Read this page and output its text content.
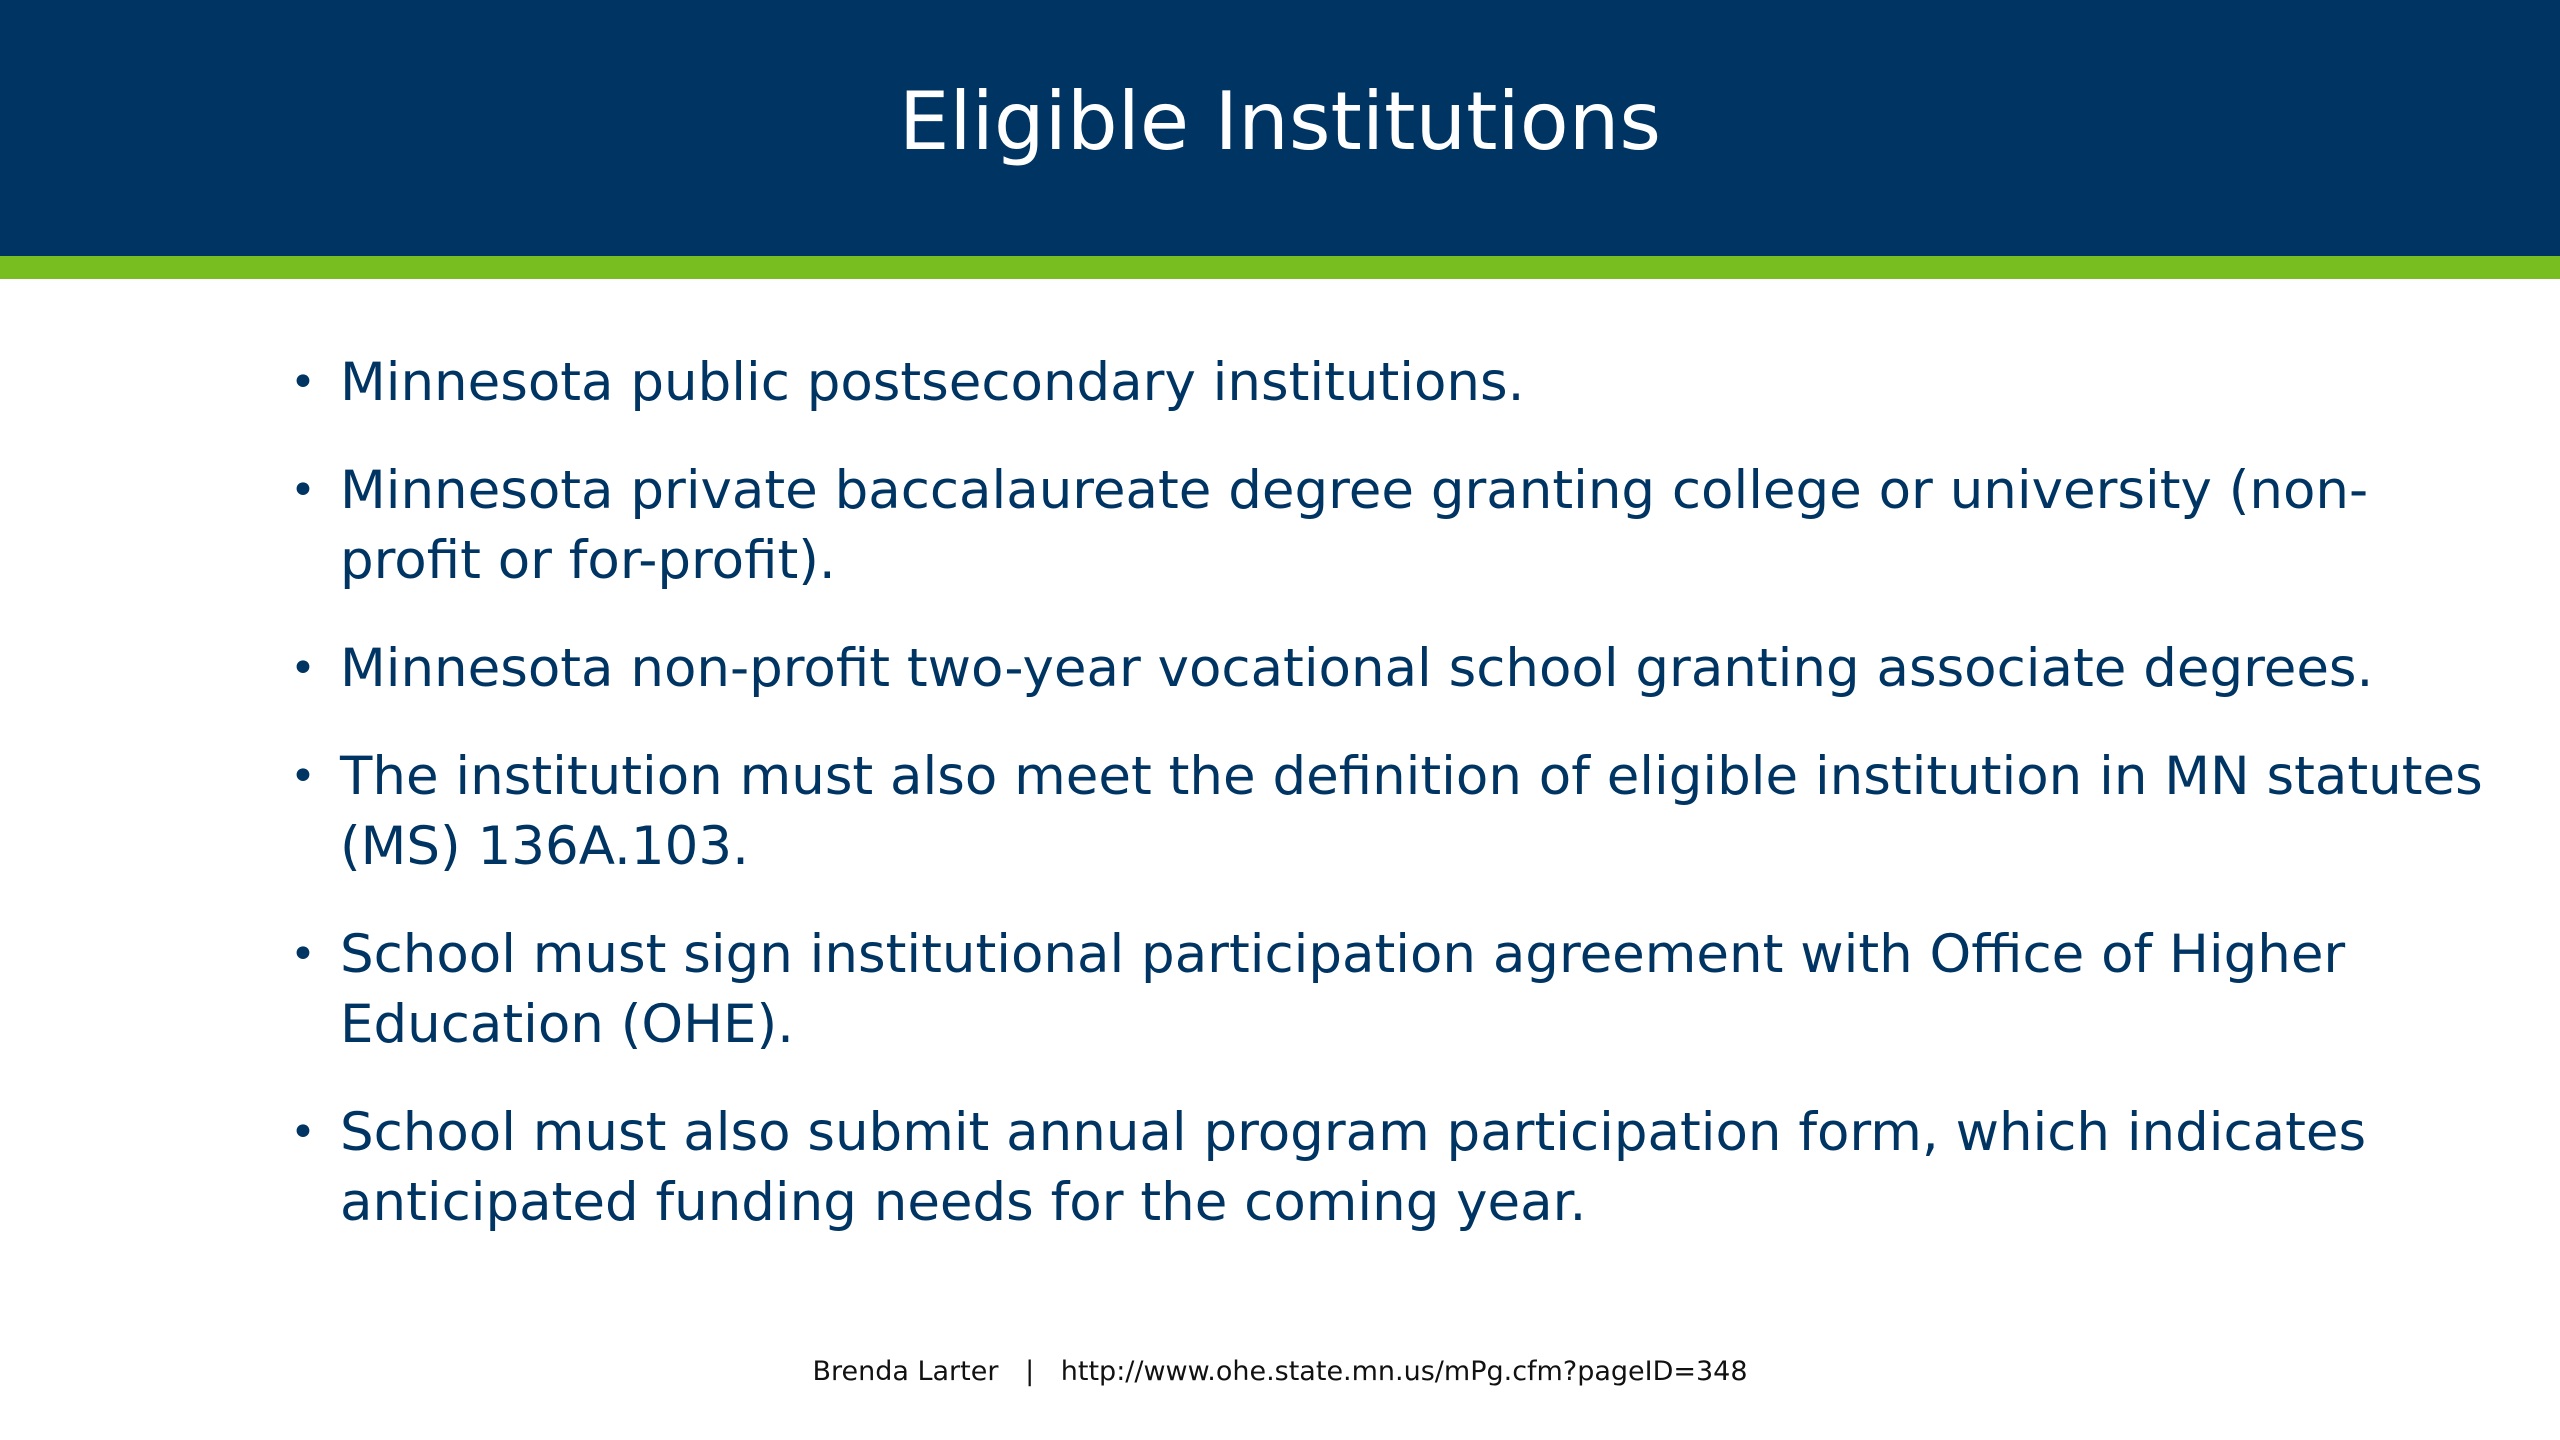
Eligible Institutions
• Minnesota public postsecondary institutions.
• Minnesota private baccalaureate degree granting college or university (non-profit or for-profit).
• Minnesota non-profit two-year vocational school granting associate degrees.
• The institution must also meet the definition of eligible institution in MN statutes (MS) 136A.103.
• School must sign institutional participation agreement with Office of Higher Education (OHE).
• School must also submit annual program participation form, which indicates anticipated funding needs for the coming year.
Brenda Larter | http://www.ohe.state.mn.us/mPg.cfm?pageID=348
